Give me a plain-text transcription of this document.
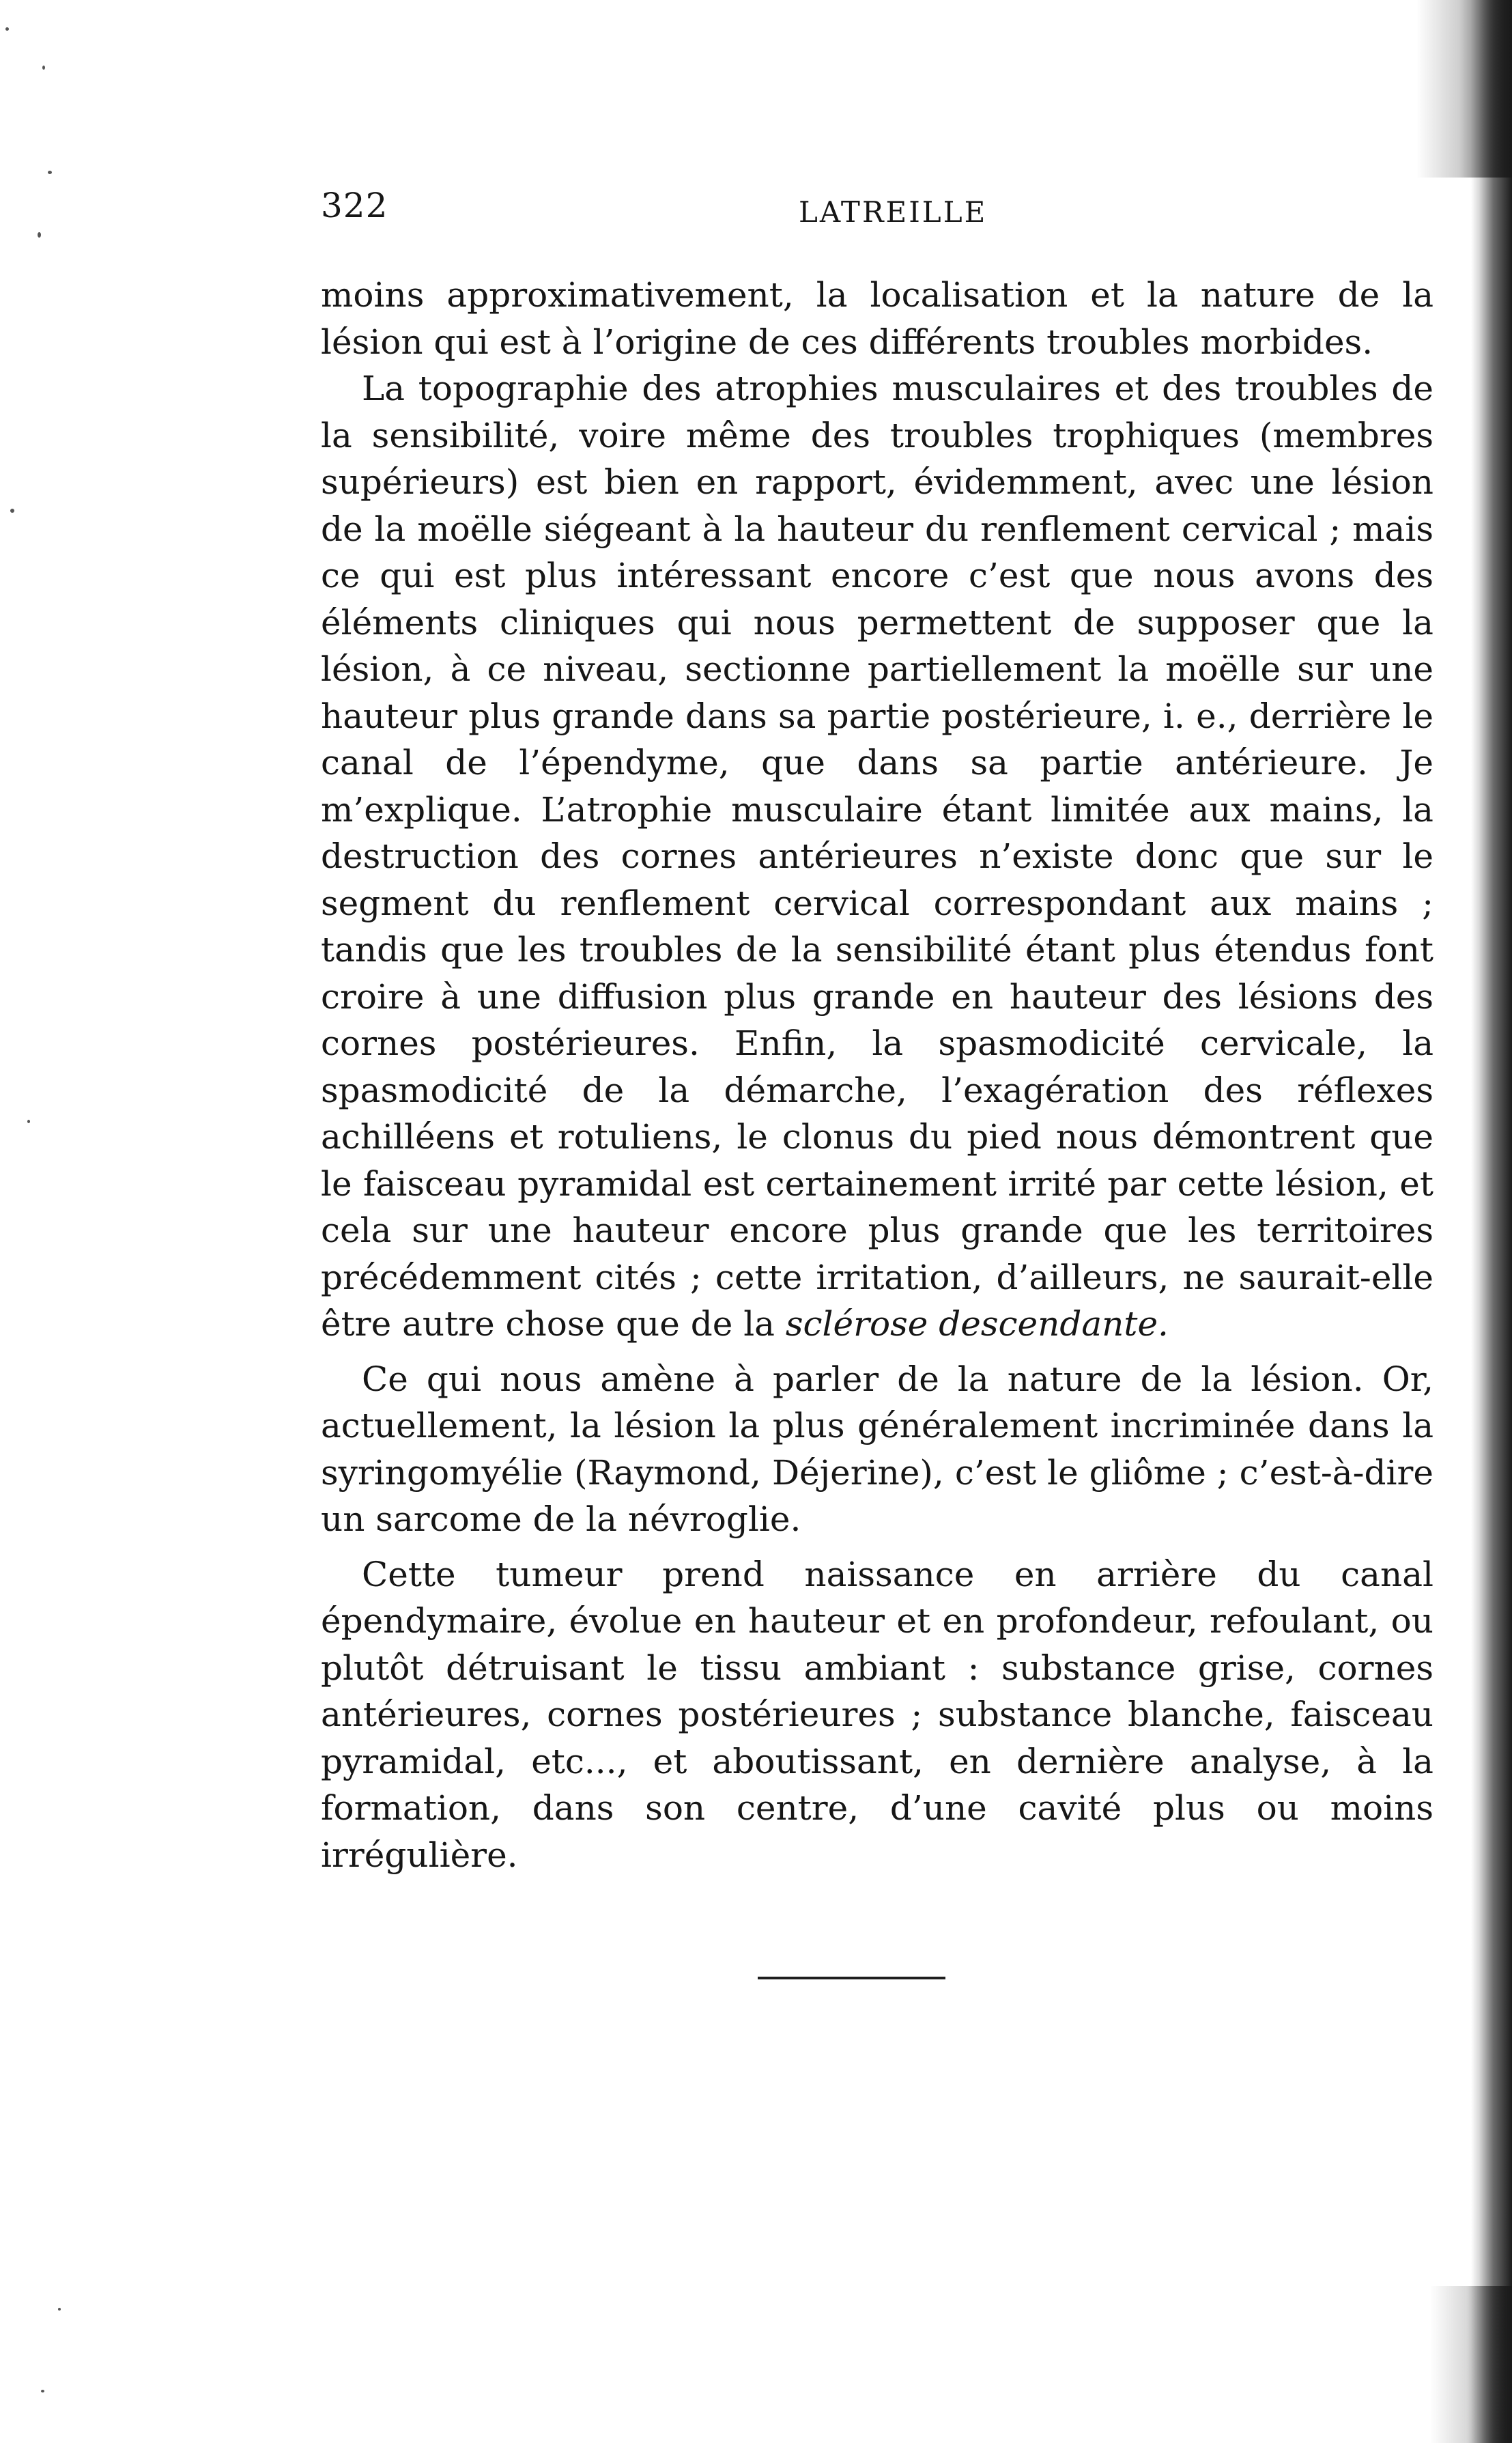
322	LATREILLE

moins approximativement, la localisation et la nature de la lésion qui est à l’origine de ces différents troubles morbides.

La topographie des atrophies musculaires et des troubles de la sensibilité, voire même des troubles trophiques (membres supérieurs) est bien en rapport, évidemment, avec une lésion de la moëlle siégeant à la hauteur du renflement cervical ; mais ce qui est plus intéressant encore c’est que nous avons des éléments cliniques qui nous permettent de supposer que la lésion, à ce niveau, sectionne partiellement la moëlle sur une hauteur plus grande dans sa partie postérieure, i. e., derrière le canal de l’épendyme, que dans sa partie antérieure. Je m’explique. L’atrophie musculaire étant limitée aux mains, la destruction des cornes antérieures n’existe donc que sur le segment du renflement cervical correspondant aux mains ; tandis que les troubles de la sensibilité étant plus étendus font croire à une diffusion plus grande en hauteur des lésions des cornes postérieures. Enfin, la spasmodicité cervicale, la spasmodicité de la démarche, l’exagération des réflexes achilléens et rotuliens, le clonus du pied nous démontrent que le faisceau pyramidal est certainement irrité par cette lésion, et cela sur une hauteur encore plus grande que les territoires précédemment cités ; cette irritation, d’ailleurs, ne saurait-elle être autre chose que de la sclérose descendante.

Ce qui nous amène à parler de la nature de la lésion. Or, actuellement, la lésion la plus généralement incriminée dans la syringomyélie (Raymond, Déjerine), c’est le gliôme ; c’est-à-dire un sarcome de la névroglie.

Cette tumeur prend naissance en arrière du canal épendymaire, évolue en hauteur et en profondeur, refoulant, ou plutôt détruisant le tissu ambiant : substance grise, cornes antérieures, cornes postérieures ; substance blanche, faisceau pyramidal, etc..., et aboutissant, en dernière analyse, à la formation, dans son centre, d’une cavité plus ou moins irrégulière.
